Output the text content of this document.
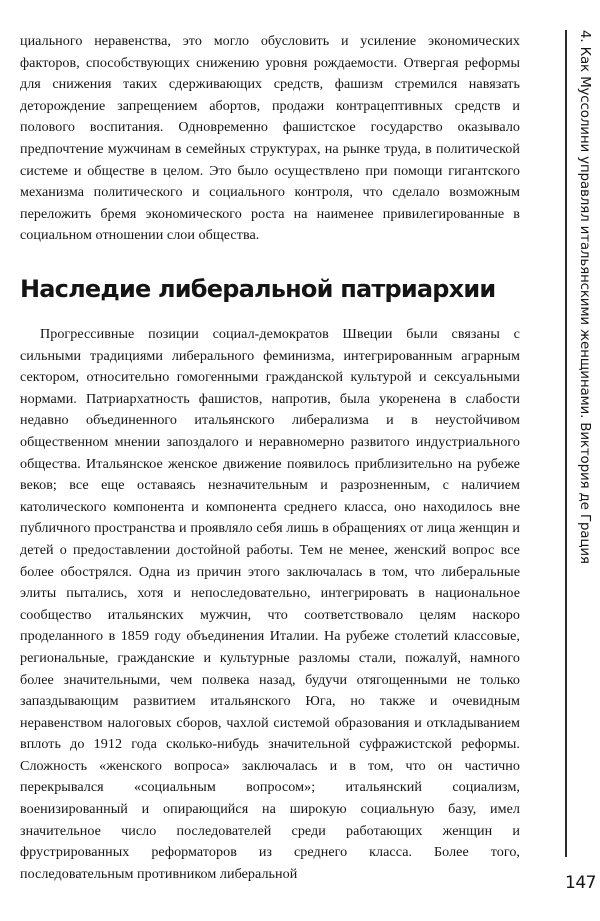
циального неравенства, это могло обусловить и усиление экономических факторов, способствующих снижению уровня рождаемости. Отвергая реформы для снижения таких сдерживающих средств, фашизм стремился навязать деторождение запрещением абортов, продажи контрацептивных средств и полового воспитания. Одновременно фашистское государство оказывало предпочтение мужчинам в семейных структурах, на рынке труда, в политической системе и обществе в целом. Это было осуществлено при помощи гигантского механизма политического и социального контроля, что сделало возможным переложить бремя экономического роста на наименее привилегированные в социальном отношении слои общества.

Наследие либеральной патриархии

Прогрессивные позиции социал-демократов Швеции были связаны с сильными традициями либерального феминизма, интегрированным аграрным сектором, относительно гомогенными гражданской культурой и сексуальными нормами. Патриархатность фашистов, напротив, была укоренена в слабости недавно объединенного итальянского либерализма и в неустойчивом общественном мнении запоздалого и неравномерно развитого индустриального общества. Итальянское женское движение появилось приблизительно на рубеже веков; все еще оставаясь незначительным и разрозненным, с наличием католического компонента и компонента среднего класса, оно находилось вне публичного пространства и проявляло себя лишь в обращениях от лица женщин и детей о предоставлении достойной работы. Тем не менее, женский вопрос все более обострялся. Одна из причин этого заключалась в том, что либеральные элиты пытались, хотя и непоследовательно, интегрировать в национальное сообщество итальянских мужчин, что соответствовало целям наскоро проделанного в 1859 году объединения Италии. На рубеже столетий классовые, региональные, гражданские и культурные разломы стали, пожалуй, намного более значительными, чем полвека назад, будучи отягощенными не только запаздывающим развитием итальянского Юга, но также и очевидным неравенством налоговых сборов, чахлой системой образования и откладыванием вплоть до 1912 года сколько-нибудь значительной суфражистской реформы. Сложность «женского вопроса» заключалась и в том, что он частично перекрывался «социальным вопросом»; итальянский социализм, военизированный и опирающийся на широкую социальную базу, имел значительное число последователей среди работающих женщин и фрустрированных реформаторов из среднего класса. Более того, последовательным противником либеральной

4. Как Муссолини управлял итальянскими женщинами. Виктория де Грация
147
